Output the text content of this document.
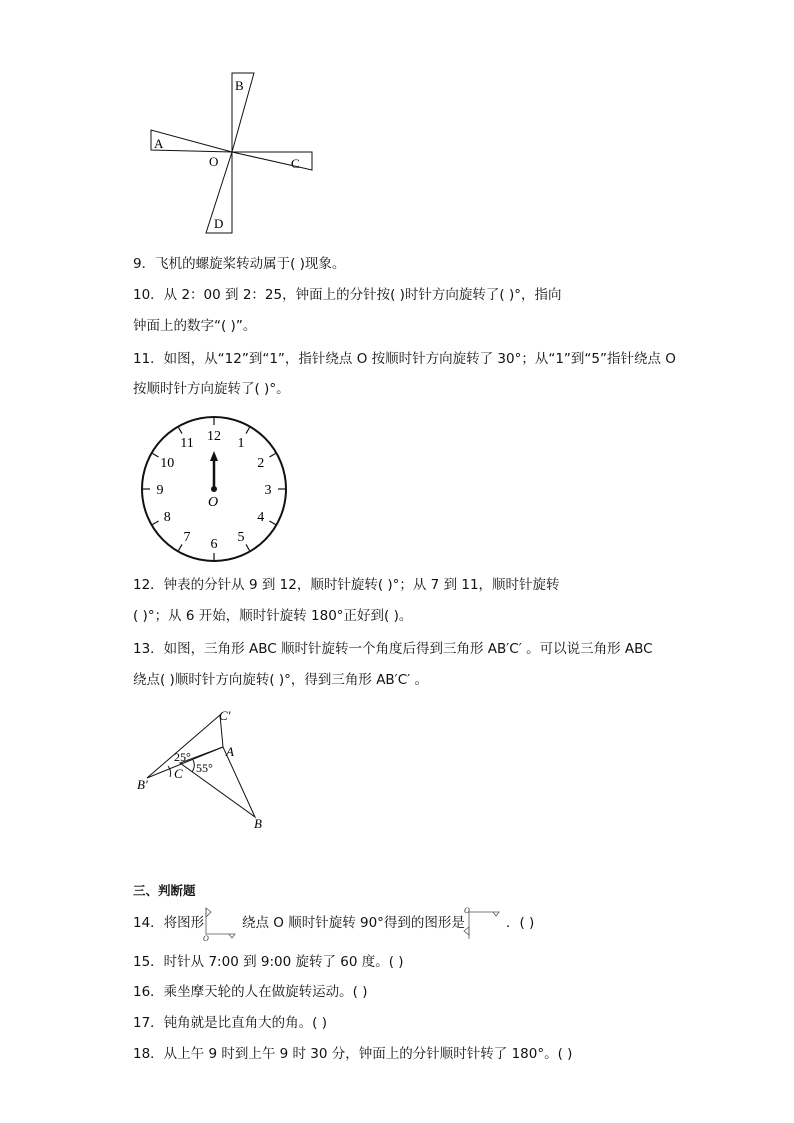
B
A
O	C
D
9．飞机的螺旋桨转动属于( )现象。
10．从 2：00 到 2：25，钟面上的分针按( )时针方向旋转了( )°，指向
钟面上的数字“( )”。
11．如图，从“12”到“1”，指针绕点 O 按顺时针方向旋转了 30°；从“1”到“5”指针绕点 O
按顺时针方向旋转了( )°。
12 1
2
3
4
5
6
7
8
9
10
11
O
12．钟表的分针从 9 到 12，顺时针旋转( )°；从 7 到 11，顺时针旋转
( )°；从 6 开始，顺时针旋转 180°正好到( )。
13．如图，三角形 ABC 顺时针旋转一个角度后得到三角形 AB′C′ 。可以说三角形 ABC
绕点( )顺时针方向旋转( )°，得到三角形 AB′C′ 。
C′
A
25°
C 55°
B′
B
三、判断题
14．将图形
O
绕点 O 顺时针旋转 90°得到的图形是
O
．( )
15．时针从 7:00 到 9:00 旋转了 60 度。( )
16．乘坐摩天轮的人在做旋转运动。( )
17．钝角就是比直角大的角。( )
18．从上午 9 时到上午 9 时 30 分，钟面上的分针顺时针转了 180°。( )
